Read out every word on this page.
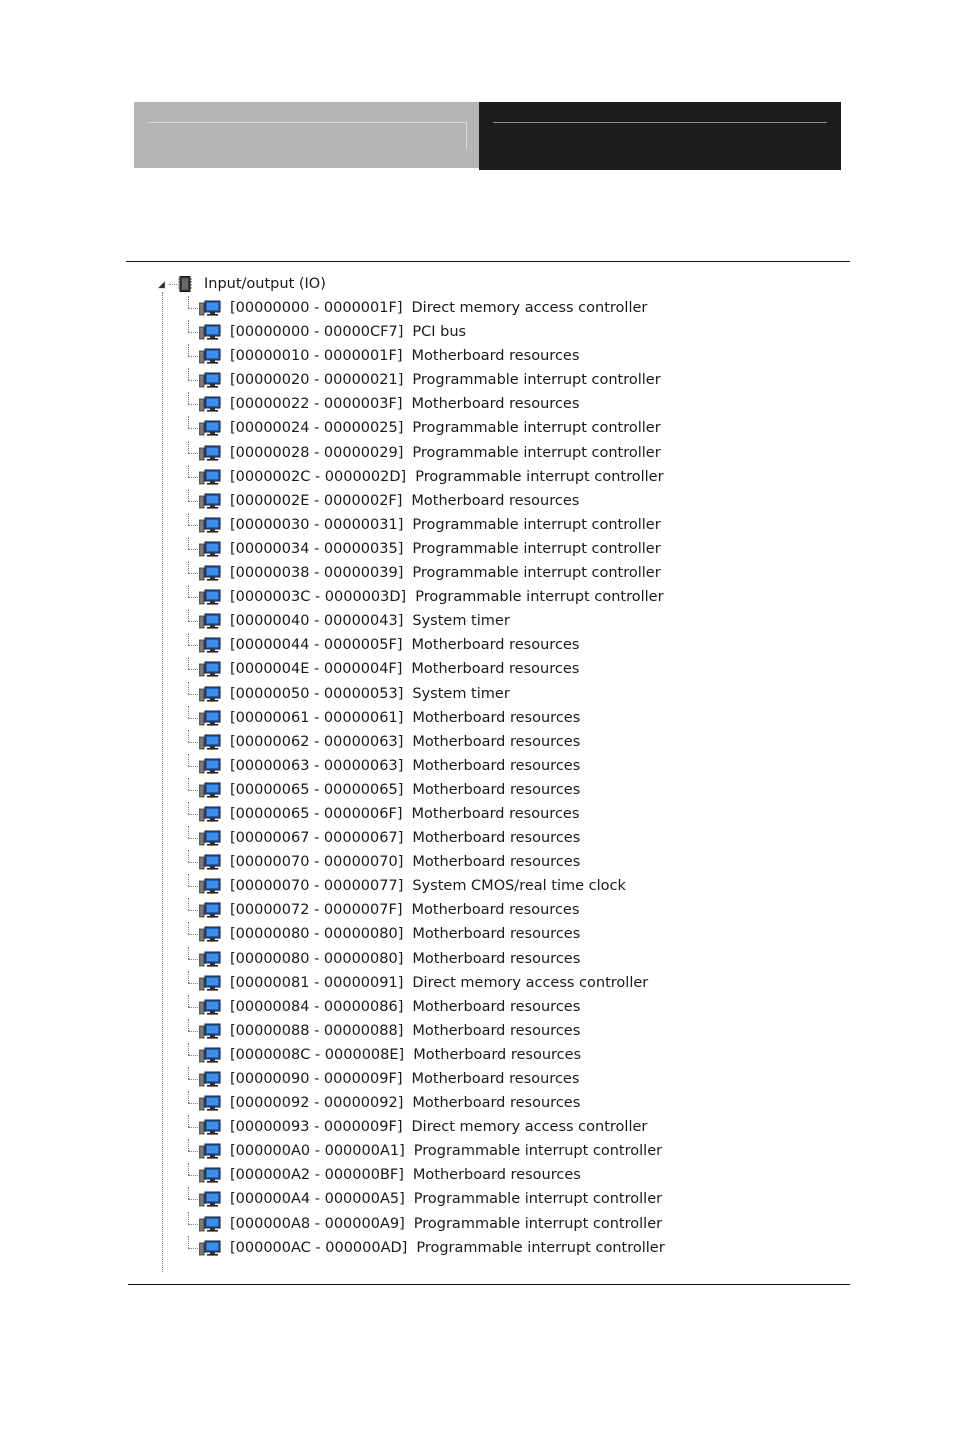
◢	Input/output (IO)
[00000000 - 0000001F] Direct memory access controller
[00000000 - 00000CF7] PCI bus
[00000010 - 0000001F] Motherboard resources
[00000020 - 00000021] Programmable interrupt controller
[00000022 - 0000003F] Motherboard resources
[00000024 - 00000025] Programmable interrupt controller
[00000028 - 00000029] Programmable interrupt controller
[0000002C - 0000002D] Programmable interrupt controller
[0000002E - 0000002F] Motherboard resources
[00000030 - 00000031] Programmable interrupt controller
[00000034 - 00000035] Programmable interrupt controller
[00000038 - 00000039] Programmable interrupt controller
[0000003C - 0000003D] Programmable interrupt controller
[00000040 - 00000043] System timer
[00000044 - 0000005F] Motherboard resources
[0000004E - 0000004F] Motherboard resources
[00000050 - 00000053] System timer
[00000061 - 00000061] Motherboard resources
[00000062 - 00000063] Motherboard resources
[00000063 - 00000063] Motherboard resources
[00000065 - 00000065] Motherboard resources
[00000065 - 0000006F] Motherboard resources
[00000067 - 00000067] Motherboard resources
[00000070 - 00000070] Motherboard resources
[00000070 - 00000077] System CMOS/real time clock
[00000072 - 0000007F] Motherboard resources
[00000080 - 00000080] Motherboard resources
[00000080 - 00000080] Motherboard resources
[00000081 - 00000091] Direct memory access controller
[00000084 - 00000086] Motherboard resources
[00000088 - 00000088] Motherboard resources
[0000008C - 0000008E] Motherboard resources
[00000090 - 0000009F] Motherboard resources
[00000092 - 00000092] Motherboard resources
[00000093 - 0000009F] Direct memory access controller
[000000A0 - 000000A1] Programmable interrupt controller
[000000A2 - 000000BF] Motherboard resources
[000000A4 - 000000A5] Programmable interrupt controller
[000000A8 - 000000A9] Programmable interrupt controller
[000000AC - 000000AD] Programmable interrupt controller
